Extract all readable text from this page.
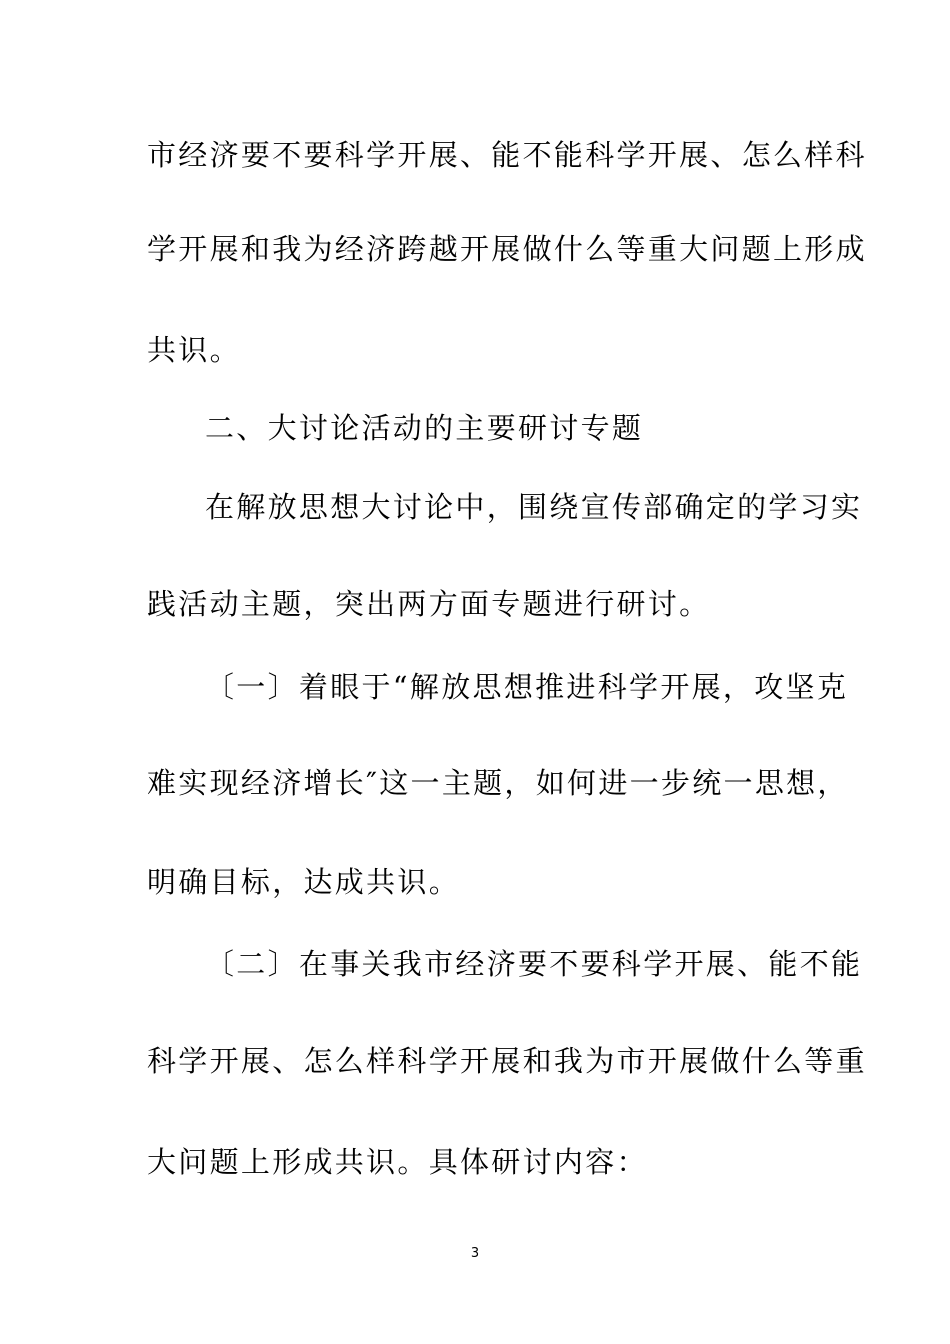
市经济要不要科学开展、能不能科学开展、怎么样科
学开展和我为经济跨越开展做什么等重大问题上形成
共识。
二、大讨论活动的主要研讨专题
在解放思想大讨论中，围绕宣传部确定的学习实
践活动主题，突出两方面专题进行研讨。
〔一〕着眼于“解放思想推进科学开展，攻坚克
难实现经济增长″这一主题，如何进一步统一思想，
明确目标，达成共识。
〔二〕在事关我市经济要不要科学开展、能不能
科学开展、怎么样科学开展和我为市开展做什么等重
大问题上形成共识。具体研讨内容：
3
